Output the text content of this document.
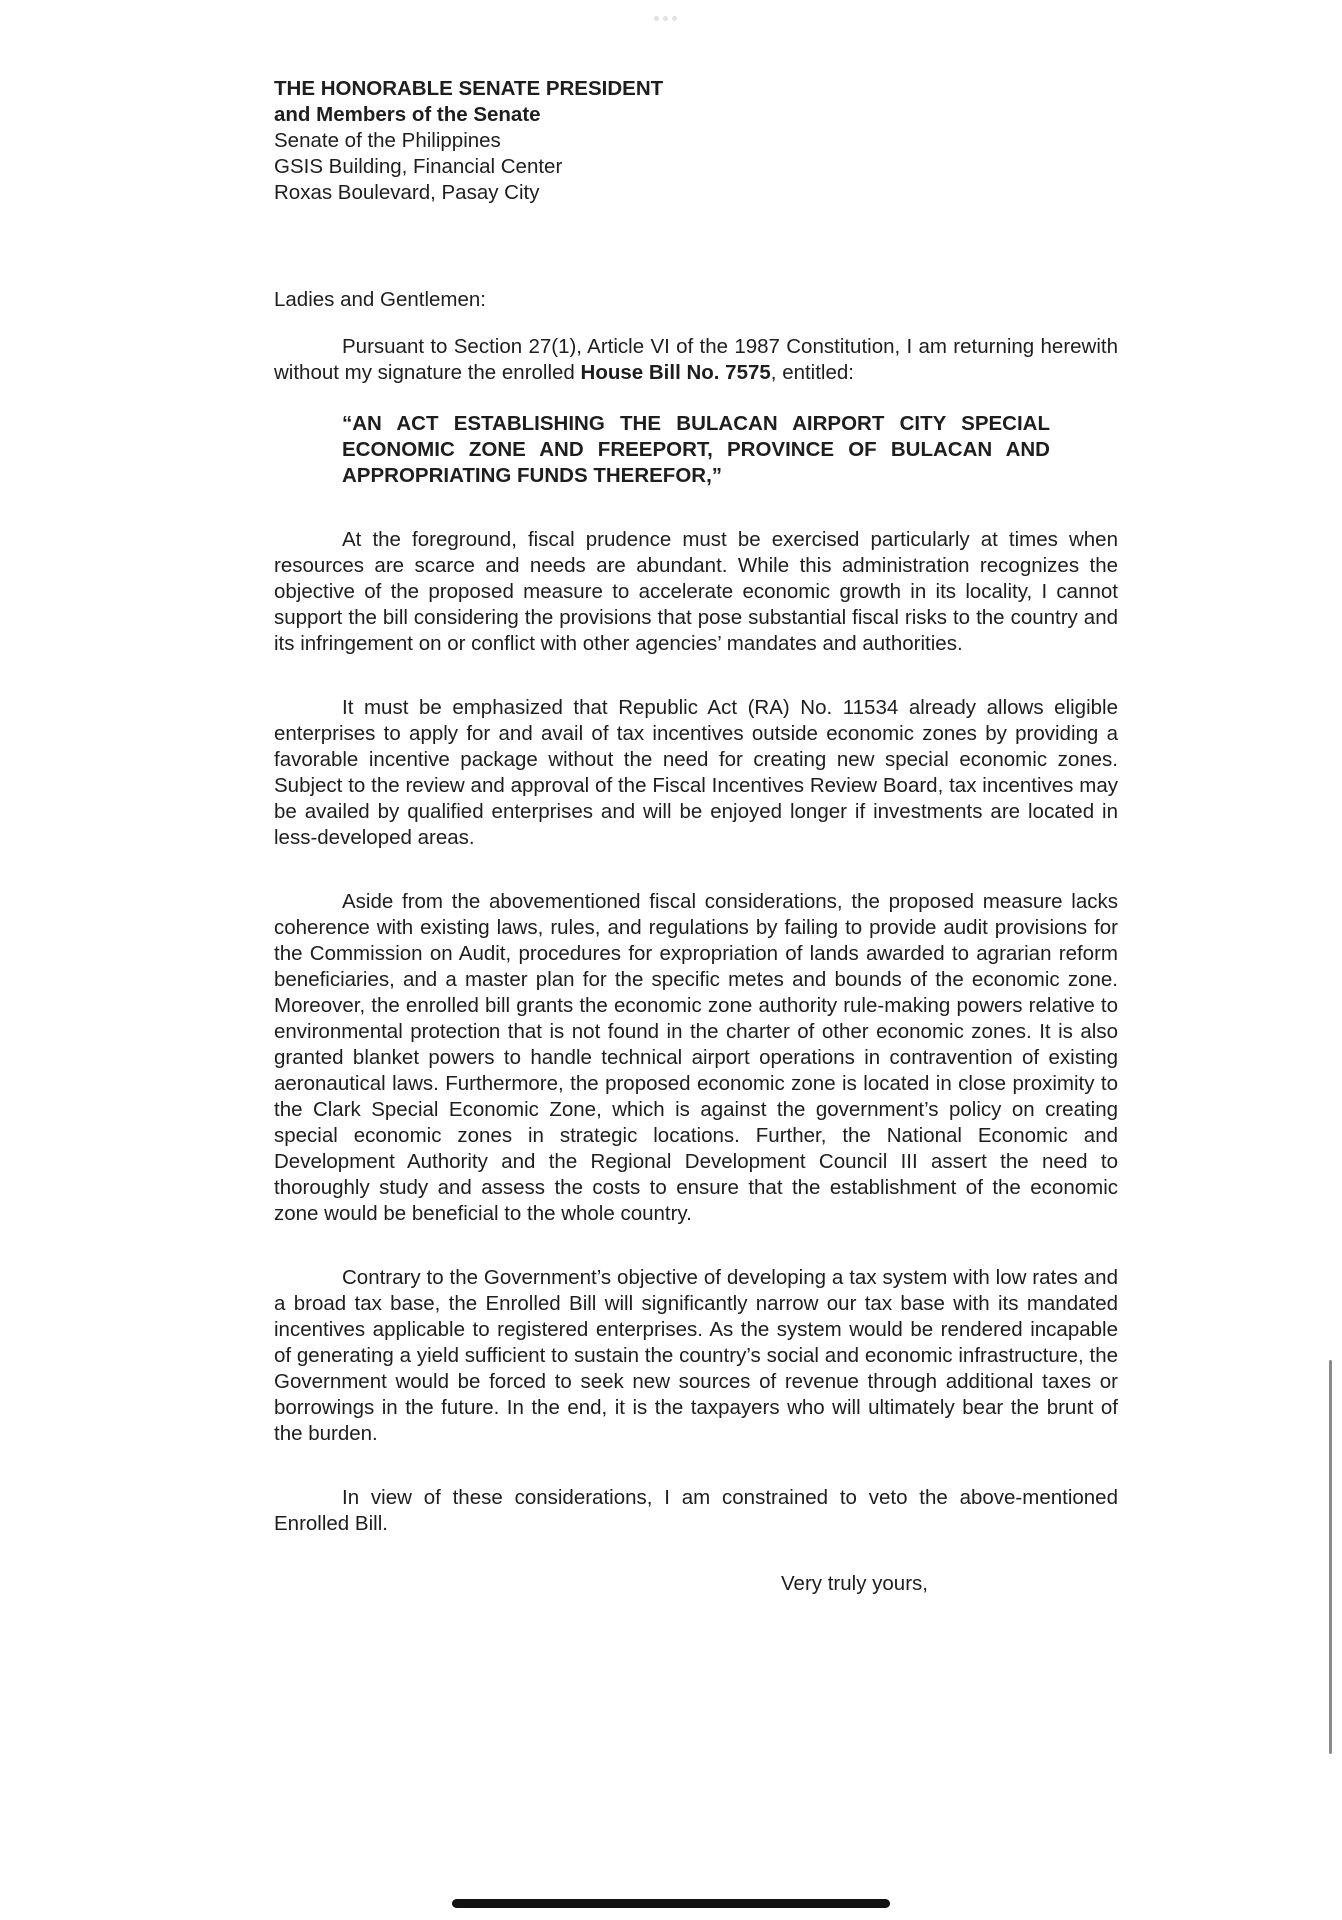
THE HONORABLE SENATE PRESIDENT

and Members of the Senate

Senate of the Philippines

GSIS Building, Financial Center

Roxas Boulevard, Pasay City

Ladies and Gentlemen:

Pursuant to Section 27(1), Article VI of the 1987 Constitution, I am returning herewith without my signature the enrolled House Bill No. 7575, entitled:

“AN ACT ESTABLISHING THE BULACAN AIRPORT CITY SPECIAL ECONOMIC ZONE AND FREEPORT, PROVINCE OF BULACAN AND APPROPRIATING FUNDS THEREFOR,”

At the foreground, fiscal prudence must be exercised particularly at times when resources are scarce and needs are abundant. While this administration recognizes the objective of the proposed measure to accelerate economic growth in its locality, I cannot support the bill considering the provisions that pose substantial fiscal risks to the country and its infringement on or conflict with other agencies’ mandates and authorities.

It must be emphasized that Republic Act (RA) No. 11534 already allows eligible enterprises to apply for and avail of tax incentives outside economic zones by providing a favorable incentive package without the need for creating new special economic zones. Subject to the review and approval of the Fiscal Incentives Review Board, tax incentives may be availed by qualified enterprises and will be enjoyed longer if investments are located in less-developed areas.

Aside from the abovementioned fiscal considerations, the proposed measure lacks coherence with existing laws, rules, and regulations by failing to provide audit provisions for the Commission on Audit, procedures for expropriation of lands awarded to agrarian reform beneficiaries, and a master plan for the specific metes and bounds of the economic zone. Moreover, the enrolled bill grants the economic zone authority rule-making powers relative to environmental protection that is not found in the charter of other economic zones. It is also granted blanket powers to handle technical airport operations in contravention of existing aeronautical laws. Furthermore, the proposed economic zone is located in close proximity to the Clark Special Economic Zone, which is against the government’s policy on creating special economic zones in strategic locations. Further, the National Economic and Development Authority and the Regional Development Council III assert the need to thoroughly study and assess the costs to ensure that the establishment of the economic zone would be beneficial to the whole country.

Contrary to the Government’s objective of developing a tax system with low rates and a broad tax base, the Enrolled Bill will significantly narrow our tax base with its mandated incentives applicable to registered enterprises. As the system would be rendered incapable of generating a yield sufficient to sustain the country’s social and economic infrastructure, the Government would be forced to seek new sources of revenue through additional taxes or borrowings in the future. In the end, it is the taxpayers who will ultimately bear the brunt of the burden.

In view of these considerations, I am constrained to veto the above-mentioned Enrolled Bill.

Very truly yours,
